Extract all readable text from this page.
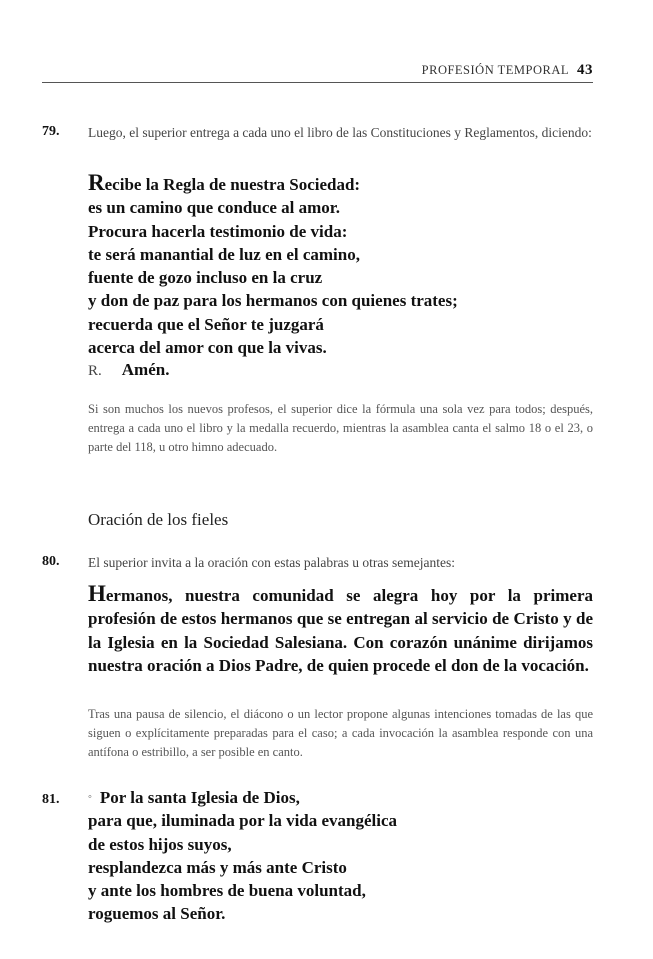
PROFESIÓN TEMPORAL 43
79. Luego, el superior entrega a cada uno el libro de las Constituciones y Reglamentos, diciendo:
Recibe la Regla de nuestra Sociedad:
es un camino que conduce al amor.
Procura hacerla testimonio de vida:
te será manantial de luz en el camino,
fuente de gozo incluso en la cruz
y don de paz para los hermanos con quienes trates;
recuerda que el Señor te juzgará
acerca del amor con que la vivas.
R. Amén.
Si son muchos los nuevos profesos, el superior dice la fórmula una sola vez para todos; después, entrega a cada uno el libro y la medalla recuerdo, mientras la asamblea canta el salmo 18 o el 23, o parte del 118, u otro himno adecuado.
Oración de los fieles
80. El superior invita a la oración con estas palabras u otras semejantes:
Hermanos, nuestra comunidad se alegra hoy por la primera profesión de estos hermanos que se entregan al servicio de Cristo y de la Iglesia en la Sociedad Salesiana. Con corazón unánime dirijamos nuestra oración a Dios Padre, de quien procede el don de la vocación.
Tras una pausa de silencio, el diácono o un lector propone algunas intenciones tomadas de las que siguen o explícitamente preparadas para el caso; a cada invocación la asamblea responde con una antífona o estribillo, a ser posible en canto.
81.	◦ Por la santa Iglesia de Dios,
para que, iluminada por la vida evangélica
de estos hijos suyos,
resplandezca más y más ante Cristo
y ante los hombres de buena voluntad,
roguemos al Señor.
